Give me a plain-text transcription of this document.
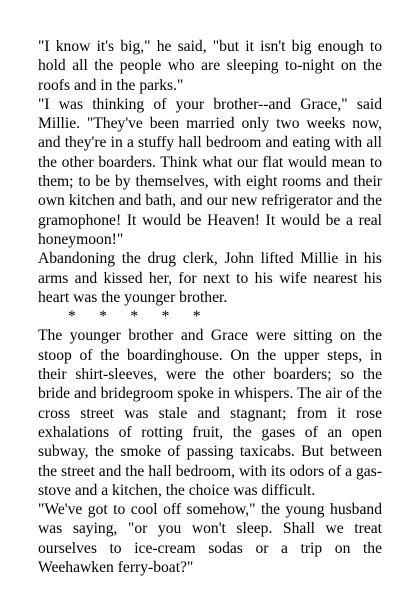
"I know it's big," he said, "but it isn't big enough to hold all the people who are sleeping to-night on the roofs and in the parks."

"I was thinking of your brother--and Grace," said Millie. "They've been married only two weeks now, and they're in a stuffy hall bedroom and eating with all the other boarders. Think what our flat would mean to them; to be by themselves, with eight rooms and their own kitchen and bath, and our new refrigerator and the gramophone! It would be Heaven! It would be a real honeymoon!"

Abandoning the drug clerk, John lifted Millie in his arms and kissed her, for next to his wife nearest his heart was the younger brother.

*      *      *      *      *

The younger brother and Grace were sitting on the stoop of the boardinghouse. On the upper steps, in their shirt-sleeves, were the other boarders; so the bride and bridegroom spoke in whispers. The air of the cross street was stale and stagnant; from it rose exhalations of rotting fruit, the gases of an open subway, the smoke of passing taxicabs. But between the street and the hall bedroom, with its odors of a gas-stove and a kitchen, the choice was difficult.

"We've got to cool off somehow," the young husband was saying, "or you won't sleep. Shall we treat ourselves to ice-cream sodas or a trip on the Weehawken ferry-boat?"
